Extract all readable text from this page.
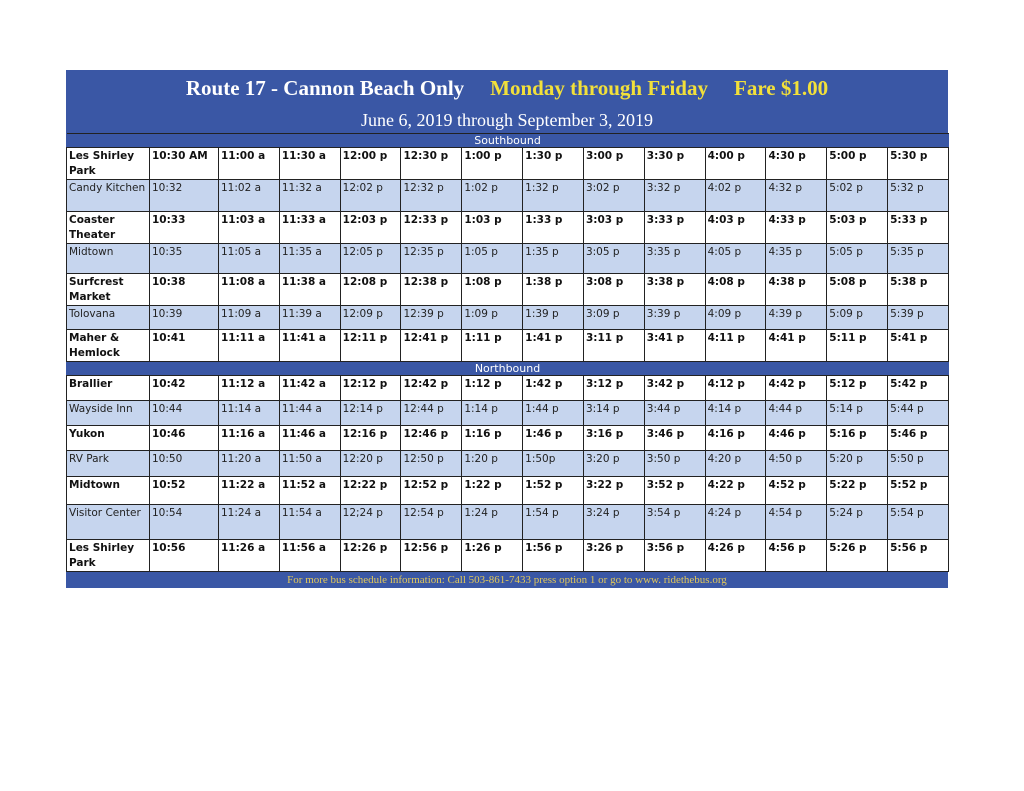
Route 17 - Cannon Beach Only Monday through Friday Fare $1.00
June 6, 2019 through September 3, 2019
Southbound													
Les Shirley Park	10:30 AM	11:00 a	11:30 a	12:00 p	12:30 p	1:00 p	1:30 p	3:00 p	3:30 p	4:00 p	4:30 p	5:00 p	5:30 p
Candy Kitchen	10:32	11:02 a	11:32 a	12:02 p	12:32 p	1:02 p	1:32 p	3:02 p	3:32 p	4:02 p	4:32 p	5:02 p	5:32 p
Coaster Theater	10:33	11:03 a	11:33 a	12:03 p	12:33 p	1:03 p	1:33 p	3:03 p	3:33 p	4:03 p	4:33 p	5:03 p	5:33 p
Midtown	10:35	11:05 a	11:35 a	12:05 p	12:35 p	1:05 p	1:35 p	3:05 p	3:35 p	4:05 p	4:35 p	5:05 p	5:35 p
Surfcrest Market	10:38	11:08 a	11:38 a	12:08 p	12:38 p	1:08 p	1:38 p	3:08 p	3:38 p	4:08 p	4:38 p	5:08 p	5:38 p
Tolovana	10:39	11:09 a	11:39 a	12:09 p	12:39 p	1:09 p	1:39 p	3:09 p	3:39 p	4:09 p	4:39 p	5:09 p	5:39 p
Maher & Hemlock	10:41	11:11 a	11:41 a	12:11 p	12:41 p	1:11 p	1:41 p	3:11 p	3:41 p	4:11 p	4:41 p	5:11 p	5:41 p
Northbound													
Brallier	10:42	11:12 a	11:42 a	12:12 p	12:42 p	1:12 p	1:42 p	3:12 p	3:42 p	4:12 p	4:42 p	5:12 p	5:42 p
Wayside Inn	10:44	11:14 a	11:44 a	12:14 p	12:44 p	1:14 p	1:44 p	3:14 p	3:44 p	4:14 p	4:44 p	5:14 p	5:44 p
Yukon	10:46	11:16 a	11:46 a	12:16 p	12:46 p	1:16 p	1:46 p	3:16 p	3:46 p	4:16 p	4:46 p	5:16 p	5:46 p
RV Park	10:50	11:20 a	11:50 a	12:20 p	12:50 p	1:20 p	1:50p	3:20 p	3:50 p	4:20 p	4:50 p	5:20 p	5:50 p
Midtown	10:52	11:22 a	11:52 a	12:22 p	12:52 p	1:22 p	1:52 p	3:22 p	3:52 p	4:22 p	4:52 p	5:22 p	5:52 p
Visitor Center	10:54	11:24 a	11:54 a	12;24 p	12:54 p	1:24 p	1:54 p	3:24 p	3:54 p	4:24 p	4:54 p	5:24 p	5:54 p
Les Shirley Park	10:56	11:26 a	11:56 a	12:26 p	12:56 p	1:26 p	1:56 p	3:26 p	3:56 p	4:26 p	4:56 p	5:26 p	5:56 p
For more bus schedule information: Call 503-861-7433 press option 1 or go to www. ridethebus.org
